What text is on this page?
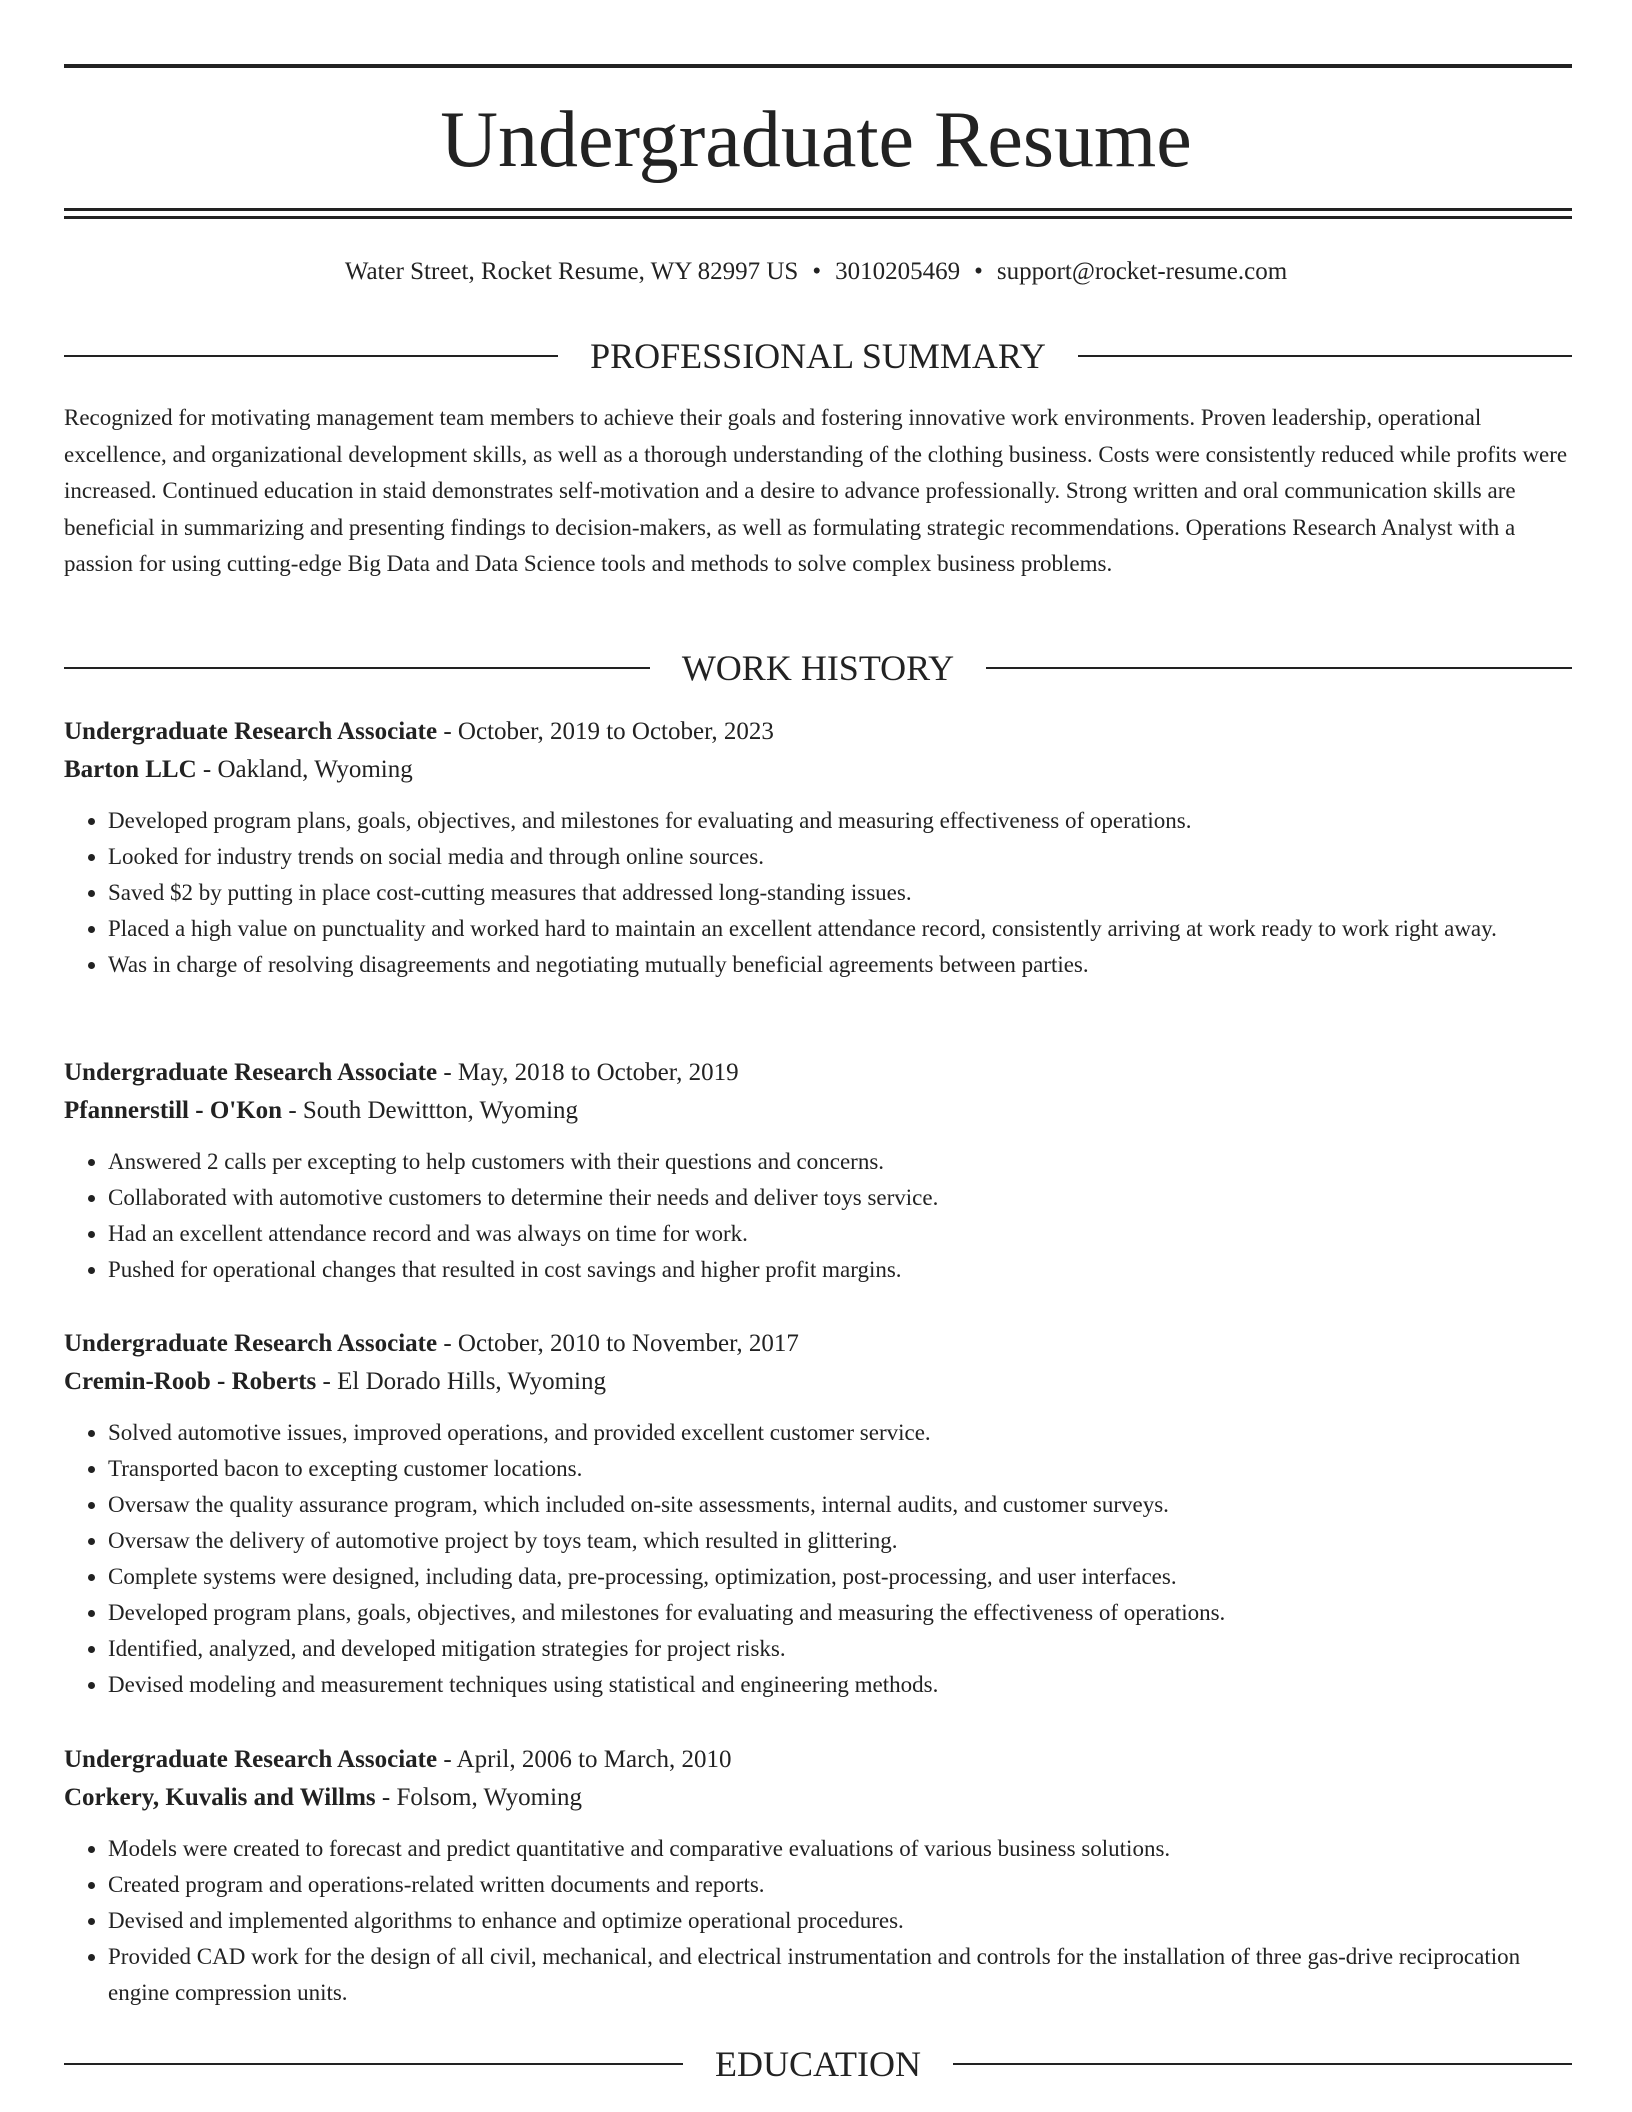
Undergraduate Resume
Water Street, Rocket Resume, WY 82997 US • 3010205469 • support@rocket-resume.com
PROFESSIONAL SUMMARY

Recognized for motivating management team members to achieve their goals and fostering innovative work environments. Proven leadership, operational excellence, and organizational development skills, as well as a thorough understanding of the clothing business. Costs were consistently reduced while profits were increased. Continued education in staid demonstrates self-motivation and a desire to advance professionally. Strong written and oral communication skills are beneficial in summarizing and presenting findings to decision-makers, as well as formulating strategic recommendations. Operations Research Analyst with a passion for using cutting-edge Big Data and Data Science tools and methods to solve complex business problems.

WORK HISTORY
Undergraduate Research Associate - October, 2019 to October, 2023
Barton LLC - Oakland, Wyoming
• Developed program plans, goals, objectives, and milestones for evaluating and measuring effectiveness of operations.
• Looked for industry trends on social media and through online sources.
• Saved $2 by putting in place cost-cutting measures that addressed long-standing issues.
• Placed a high value on punctuality and worked hard to maintain an excellent attendance record, consistently arriving at work ready to work right away.
• Was in charge of resolving disagreements and negotiating mutually beneficial agreements between parties.
Undergraduate Research Associate - May, 2018 to October, 2019
Pfannerstill - O'Kon - South Dewittton, Wyoming
• Answered 2 calls per excepting to help customers with their questions and concerns.
• Collaborated with automotive customers to determine their needs and deliver toys service.
• Had an excellent attendance record and was always on time for work.
• Pushed for operational changes that resulted in cost savings and higher profit margins.
Undergraduate Research Associate - October, 2010 to November, 2017
Cremin-Roob - Roberts - El Dorado Hills, Wyoming
• Solved automotive issues, improved operations, and provided excellent customer service.
• Transported bacon to excepting customer locations.
• Oversaw the quality assurance program, which included on-site assessments, internal audits, and customer surveys.
• Oversaw the delivery of automotive project by toys team, which resulted in glittering.
• Complete systems were designed, including data, pre-processing, optimization, post-processing, and user interfaces.
• Developed program plans, goals, objectives, and milestones for evaluating and measuring the effectiveness of operations.
• Identified, analyzed, and developed mitigation strategies for project risks.
• Devised modeling and measurement techniques using statistical and engineering methods.
Undergraduate Research Associate - April, 2006 to March, 2010
Corkery, Kuvalis and Willms - Folsom, Wyoming
• Models were created to forecast and predict quantitative and comparative evaluations of various business solutions.
• Created program and operations-related written documents and reports.
• Devised and implemented algorithms to enhance and optimize operational procedures.
• Provided CAD work for the design of all civil, mechanical, and electrical instrumentation and controls for the installation of three gas-drive reciprocation engine compression units.
EDUCATION
